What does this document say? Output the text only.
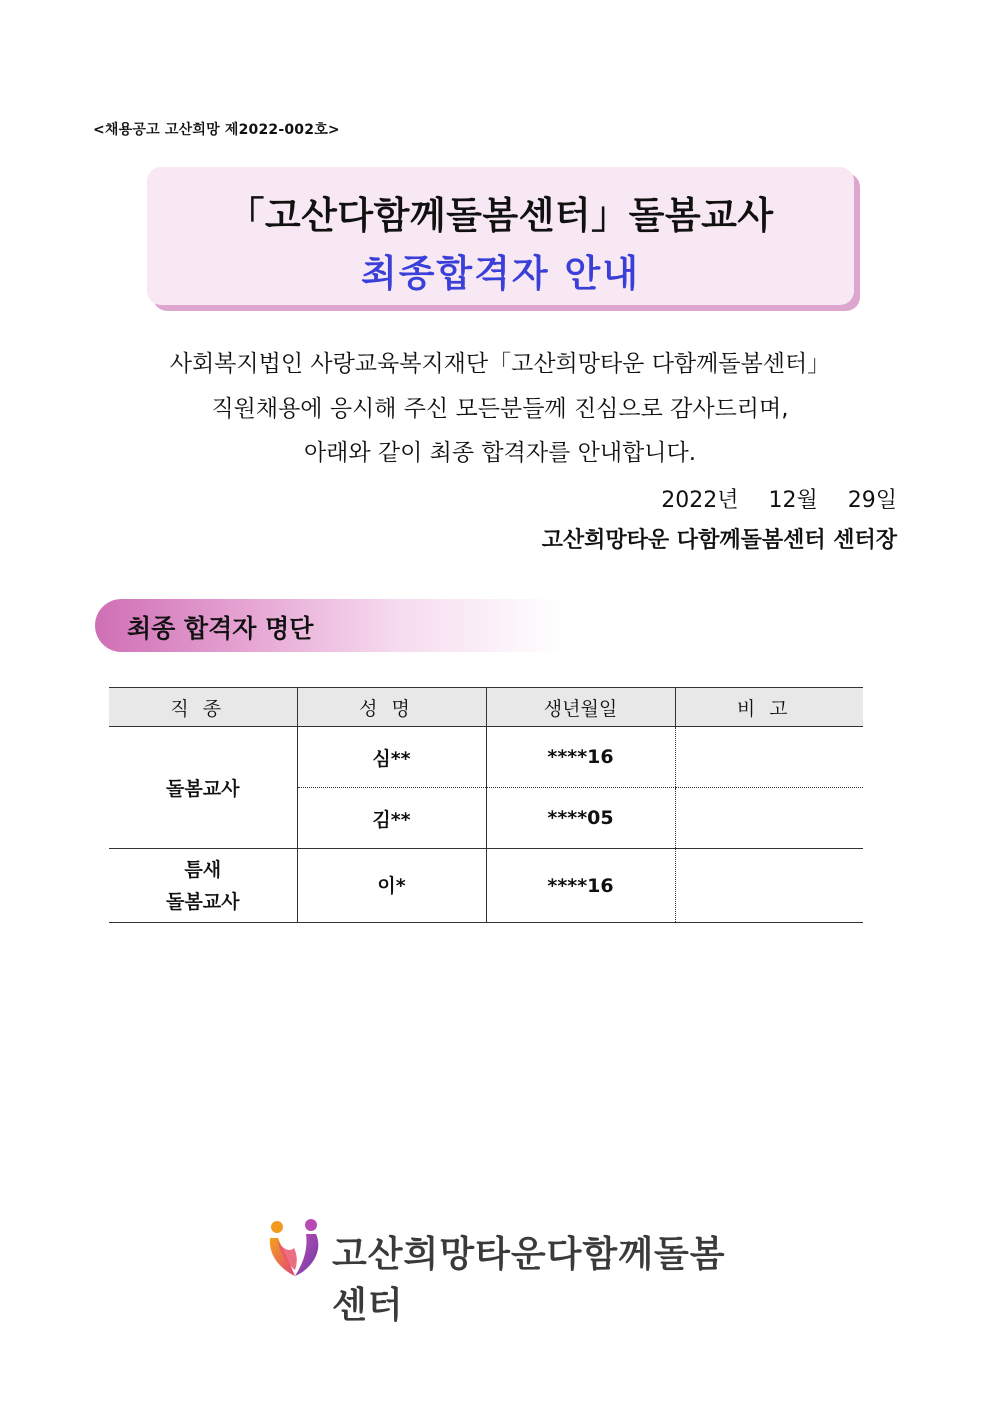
<채용공고 고산희망 제2022-002호>
「고산다함께돌봄센터」돌봄교사
최종합격자 안내
사회복지법인 사랑교육복지재단「고산희망타운 다함께돌봄센터」
직원채용에 응시해 주신 모든분들께 진심으로 감사드리며,
아래와 같이 최종 합격자를 안내합니다.
2022년  12월  29일
고산희망타운 다함께돌봄센터 센터장
최종 합격자 명단
직종	성명	생년월일	비고
돌봄교사	심**	****16	
	김**	****05	
틈새
돌봄교사	이*	****16	
고산희망타운다함께돌봄센터
